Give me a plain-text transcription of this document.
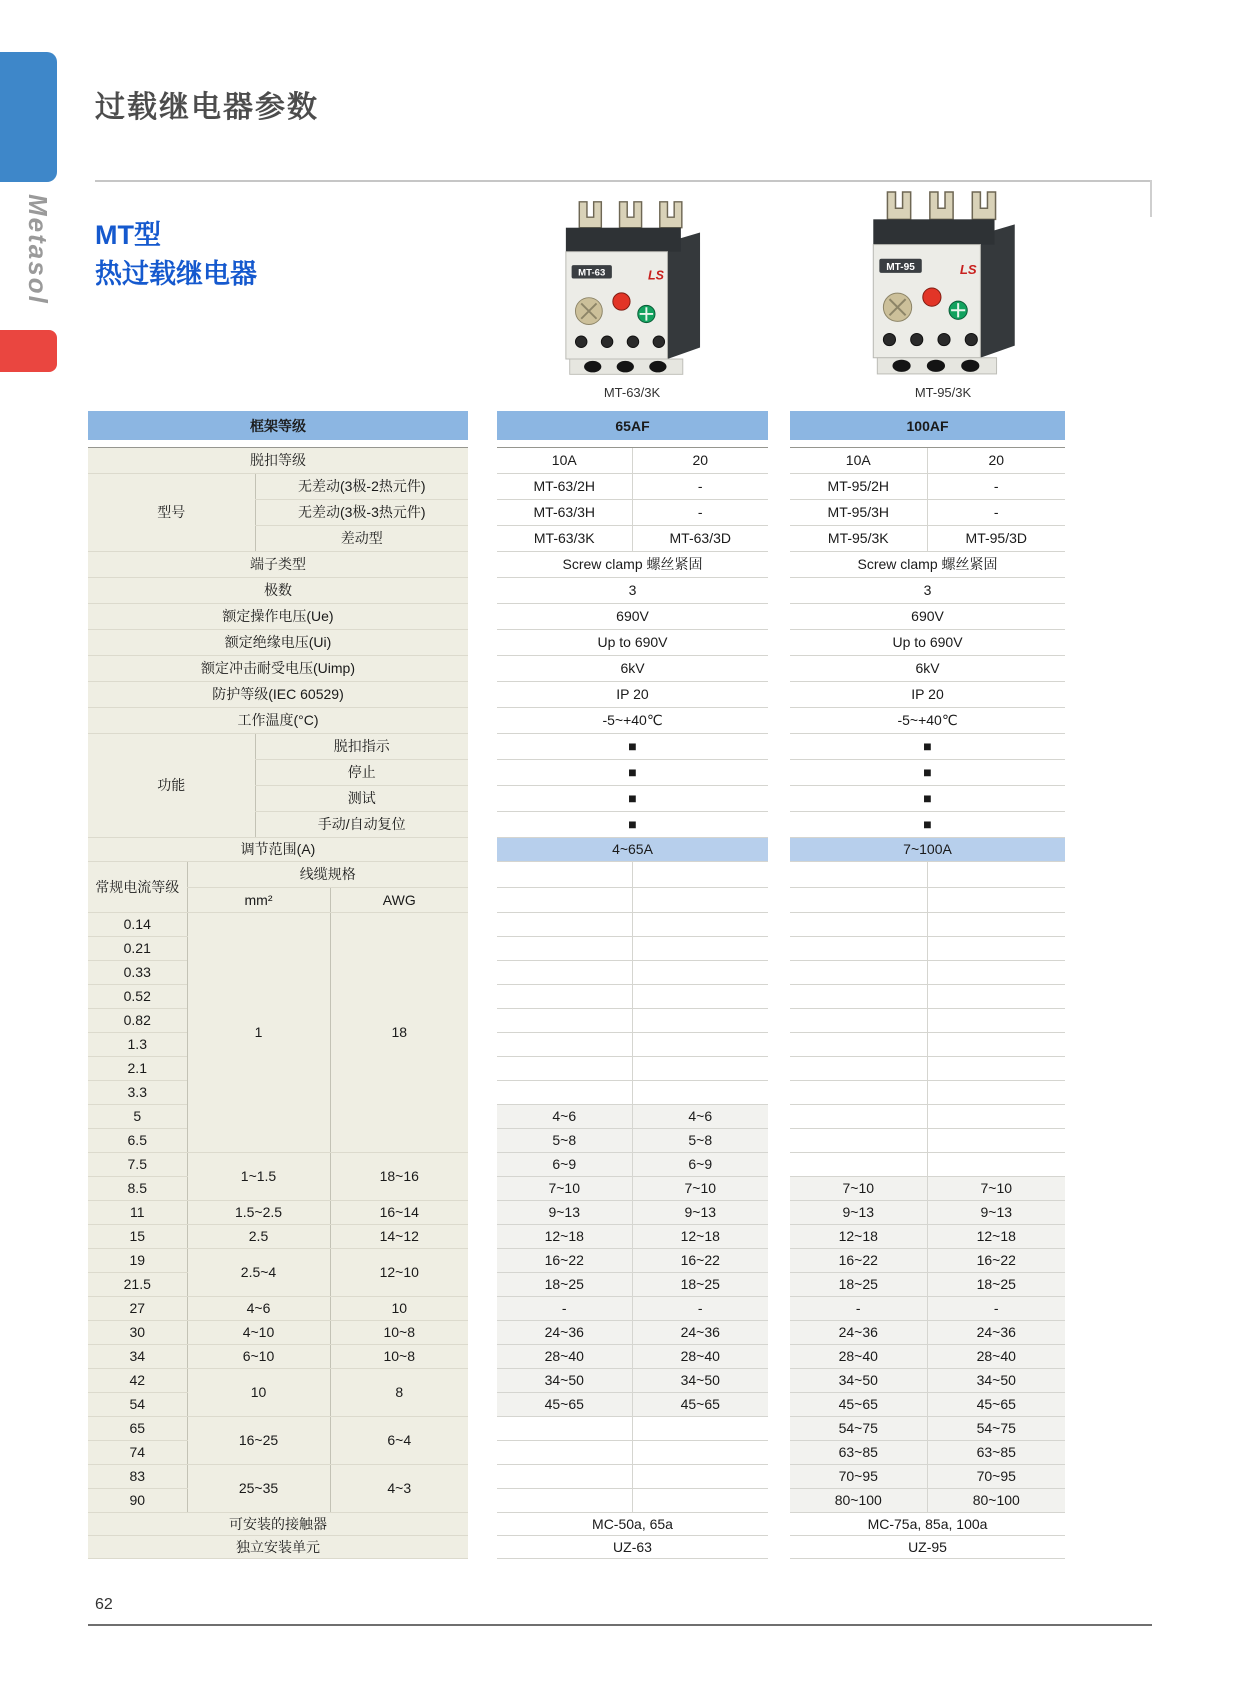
Metasol
过载继电器参数
MT型
热过载继电器	MT-63	LS
MT-63/3K
MT-95	LS
MT-95/3K
框架等级					65AF			100AF	

脱扣等级					10A	20		10A	20
型号		无差动(3极-2热元件)			MT-63/2H	-		MT-95/2H	-
		无差动(3极-3热元件)			MT-63/3H	-		MT-95/3H	-
		差动型			MT-63/3K	MT-63/3D		MT-95/3K	MT-95/3D
端子类型					Screw clamp 螺丝紧固			Screw clamp 螺丝紧固	
极数					3			3	
额定操作电压(Ue)					690V			690V	
额定绝缘电压(Ui)					Up to 690V			Up to 690V	
额定冲击耐受电压(Uimp)					6kV			6kV	
防护等级(IEC 60529)					IP 20			IP 20	
工作温度(°C)					-5~+40℃			-5~+40℃	
功能		脱扣指示			■			■	
		停止			■			■	
		测试			■			■	
		手动/自动复位			■			■	
调节范围(A)					4~65A			7~100A	
常规电流等级	线缆规格								
	mm²		AWG						
0.14	1		18						
0.21									
0.33									
0.52									
0.82									
1.3									
2.1									
3.3									
5					4~6	4~6			
6.5					5~8	5~8			
7.5	1~1.5		18~16		6~9	6~9			
8.5					7~10	7~10		7~10	7~10
11	1.5~2.5		16~14		9~13	9~13		9~13	9~13
15	2.5		14~12		12~18	12~18		12~18	12~18
19	2.5~4		12~10		16~22	16~22		16~22	16~22
21.5					18~25	18~25		18~25	18~25
27	4~6		10		-	-		-	-
30	4~10		10~8		24~36	24~36		24~36	24~36
34	6~10		10~8		28~40	28~40		28~40	28~40
42	10		8		34~50	34~50		34~50	34~50
54					45~65	45~65		45~65	45~65
65	16~25		6~4					54~75	54~75
74								63~85	63~85
83	25~35		4~3					70~95	70~95
90								80~100	80~100
可安装的接触器					MC-50a, 65a			MC-75a, 85a, 100a	
独立安装单元					UZ-63			UZ-95	
62
